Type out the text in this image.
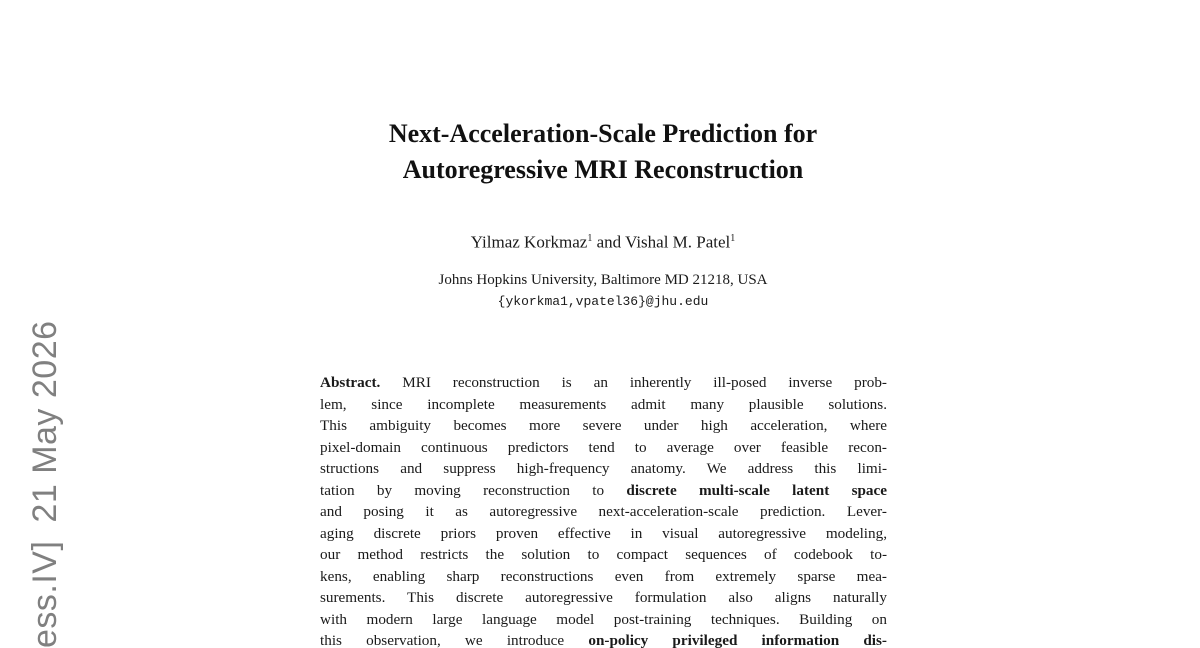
ess.IV]21 May 2026
Next-Acceleration-Scale Prediction for
Autoregressive MRI Reconstruction
Yilmaz Korkmaz$^1$ and Vishal M. Patel$^1$
Johns Hopkins University, Baltimore MD 21218, USA
{ykorkma1,vpatel36}@jhu.edu
Abstract. MRI reconstruction is an inherently ill-posed inverse prob-
lem, since incomplete measurements admit many plausible solutions.
This ambiguity becomes more severe under high acceleration, where
pixel-domain continuous predictors tend to average over feasible recon-
structions and suppress high-frequency anatomy. We address this limi-
tation by moving reconstruction to discrete multi-scale latent space
and posing it as autoregressive next-acceleration-scale prediction. Lever-
aging discrete priors proven effective in visual autoregressive modeling,
our method restricts the solution to compact sequences of codebook to-
kens, enabling sharp reconstructions even from extremely sparse mea-
surements. This discrete autoregressive formulation also aligns naturally
with modern large language model post-training techniques. Building on
this observation, we introduce on-policy privileged information dis-
